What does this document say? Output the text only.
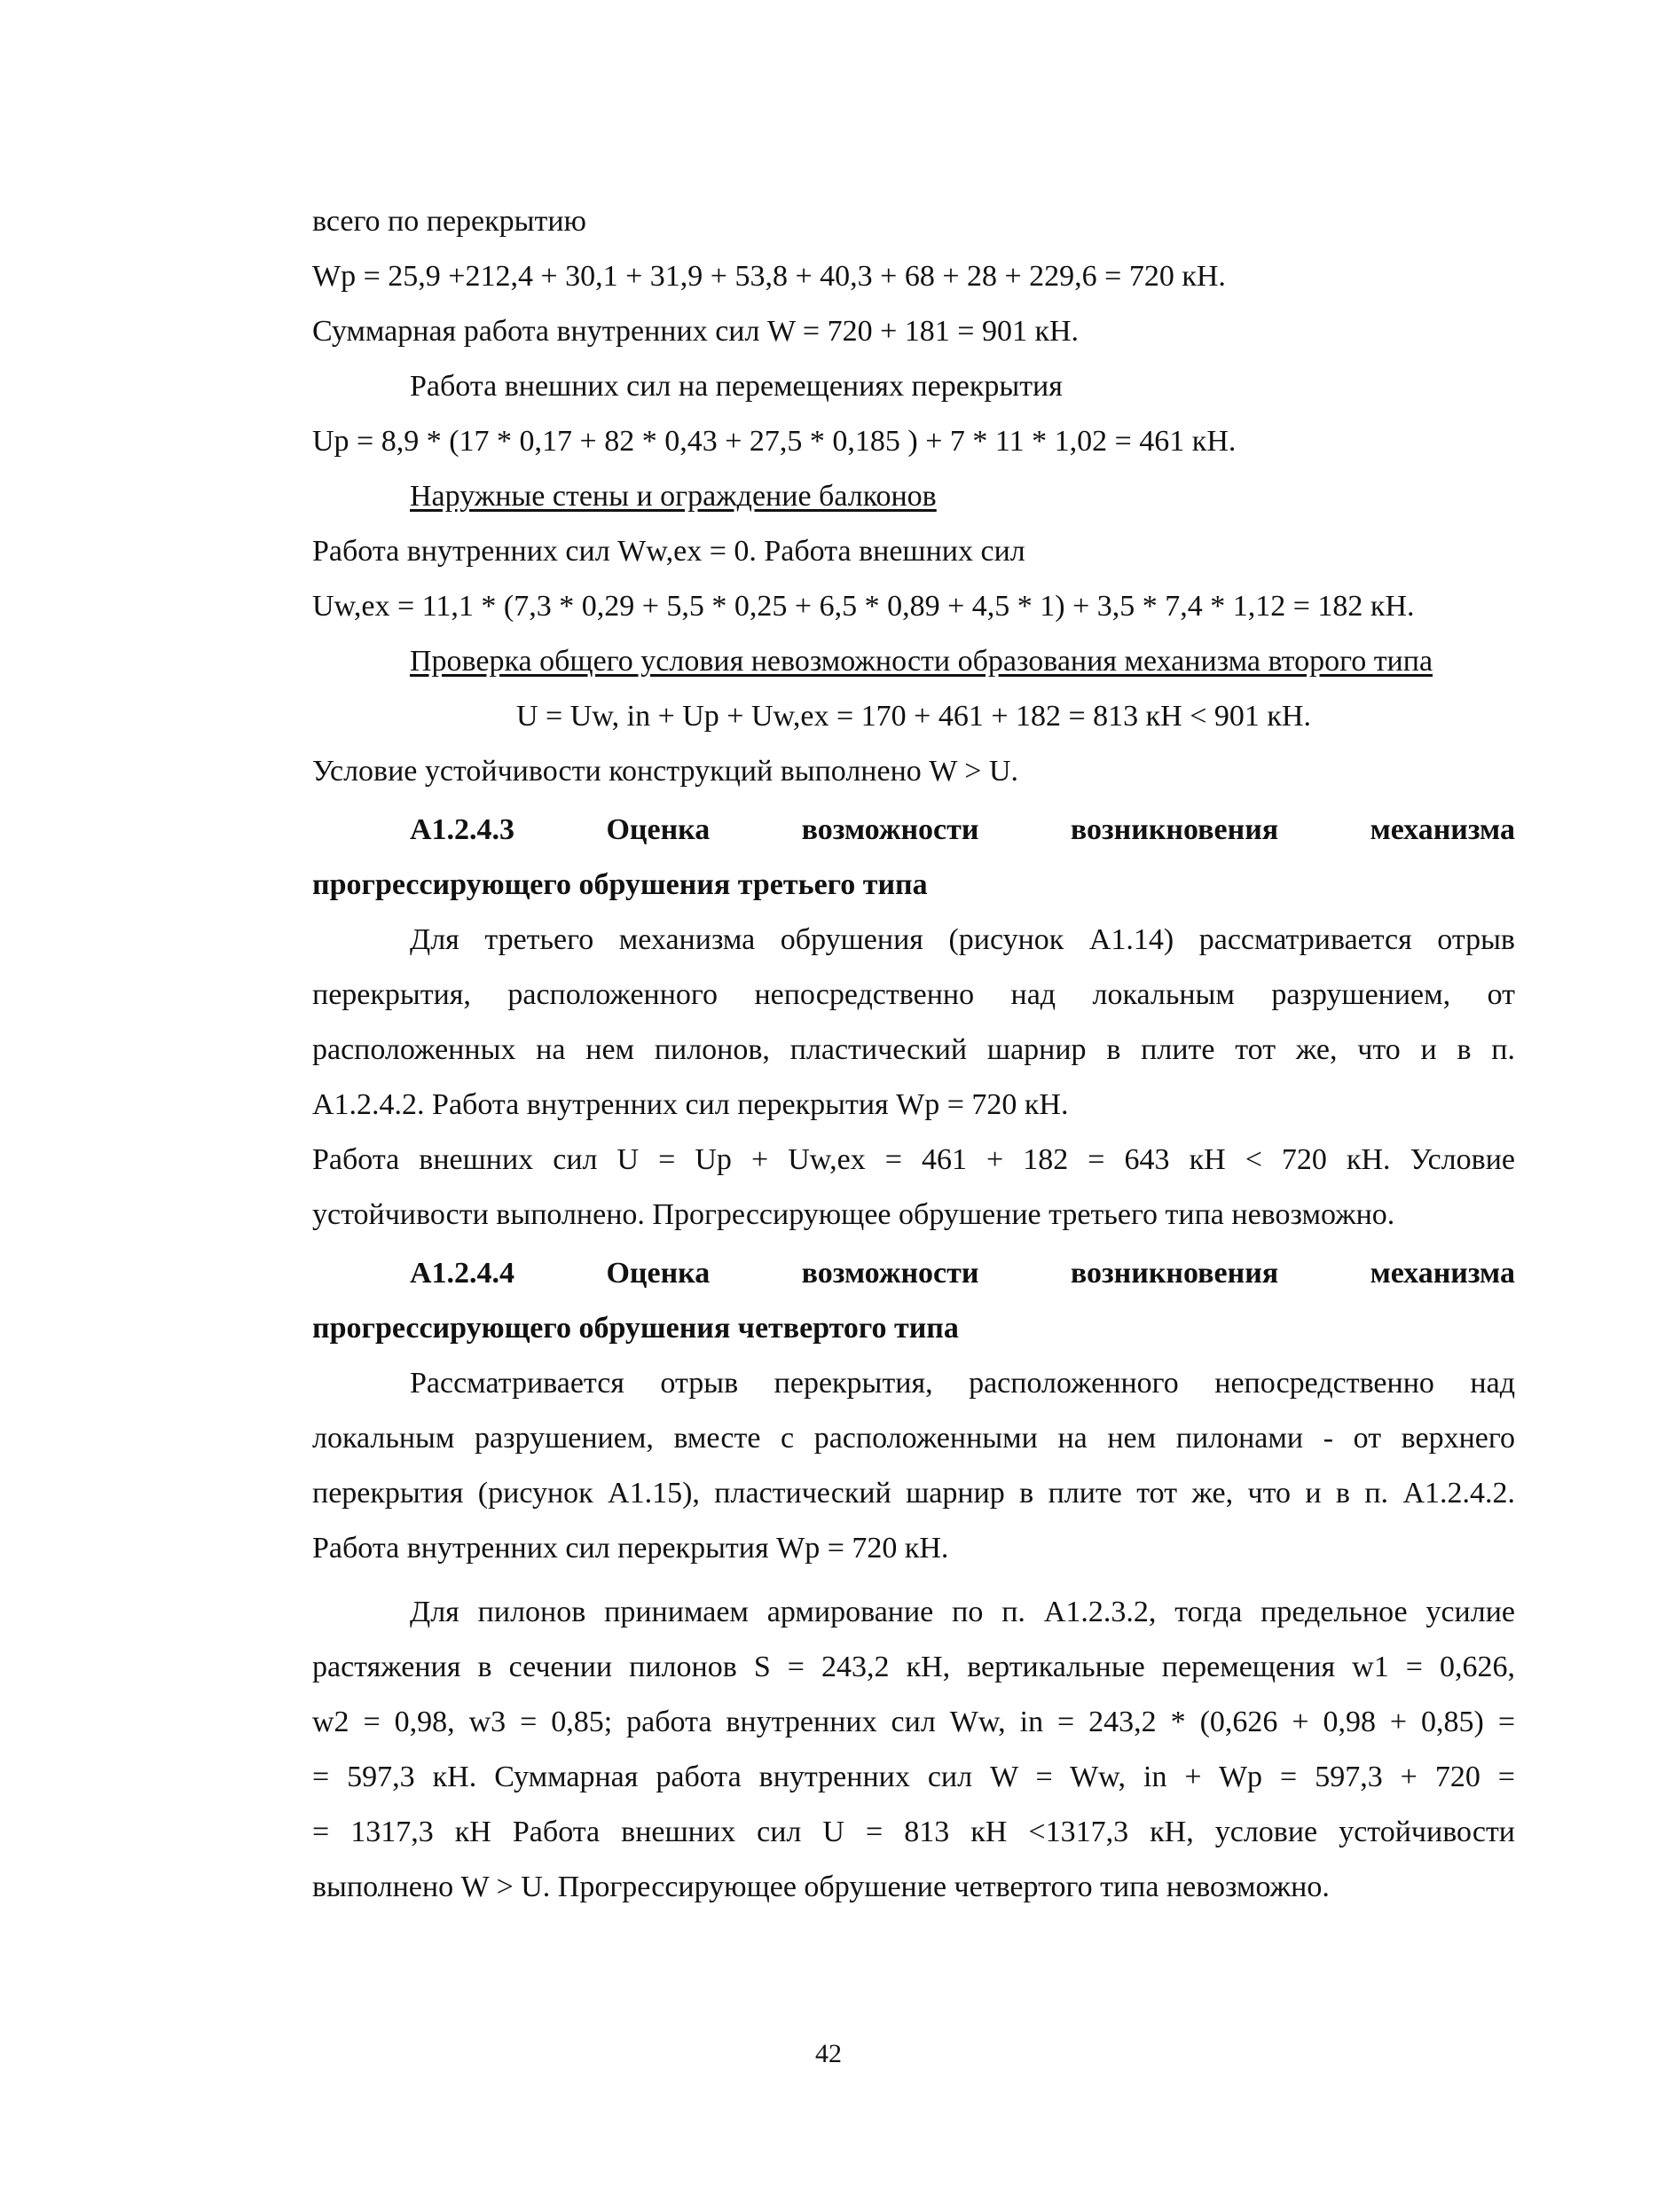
всего по перекрытию
Wp = 25,9 +212,4 + 30,1 + 31,9 + 53,8 + 40,3 + 68 + 28 + 229,6 = 720 кН.
Суммарная работа внутренних сил W = 720 + 181 = 901 кН.
Работа внешних сил на перемещениях перекрытия
Up = 8,9 * (17 * 0,17 + 82 * 0,43 + 27,5 * 0,185 ) + 7 * 11 * 1,02 = 461 кН.
Наружные стены и ограждение балконов
Работа внутренних сил Ww,ex = 0. Работа внешних сил
Uw,ex = 11,1 * (7,3 * 0,29 + 5,5 * 0,25 + 6,5 * 0,89 + 4,5 * 1) + 3,5 * 7,4 * 1,12 = 182 кН.
Проверка общего условия невозможности образования механизма второго типа
U = Uw, in + Up + Uw,ex = 170 + 461 + 182 = 813 кН < 901 кН.
Условие устойчивости конструкций выполнено W > U.
А1.2.4.3	Оценка	возможности	возникновения	механизма
прогрессирующего обрушения третьего типа
Для третьего механизма обрушения (рисунок А1.14) рассматривается отрыв
перекрытия, расположенного непосредственно над локальным разрушением, от
расположенных на нем пилонов, пластический шарнир в плите тот же, что и в п.
А1.2.4.2. Работа внутренних сил перекрытия Wp = 720 кН.
Работа внешних сил U = Up + Uw,ex = 461 + 182 = 643 кН < 720 кН. Условие
устойчивости выполнено. Прогрессирующее обрушение третьего типа невозможно.
А1.2.4.4	Оценка	возможности	возникновения	механизма
прогрессирующего обрушения четвертого типа
Рассматривается отрыв перекрытия, расположенного непосредственно над
локальным разрушением, вместе с расположенными на нем пилонами - от верхнего
перекрытия (рисунок А1.15), пластический шарнир в плите тот же, что и в п. А1.2.4.2.
Работа внутренних сил перекрытия Wp = 720 кН.
Для пилонов принимаем армирование по п. А1.2.3.2, тогда предельное усилие
растяжения в сечении пилонов S = 243,2 кН, вертикальные перемещения w1 = 0,626,
w2 = 0,98, w3 = 0,85; работа внутренних сил Ww, in = 243,2 * (0,626 + 0,98 + 0,85) =
= 597,3 кН. Суммарная работа внутренних сил W = Ww, in + Wp = 597,3 + 720 =
= 1317,3 кН Работа внешних сил U = 813 кН <1317,3 кН, условие устойчивости
выполнено W > U. Прогрессирующее обрушение четвертого типа невозможно.
42
